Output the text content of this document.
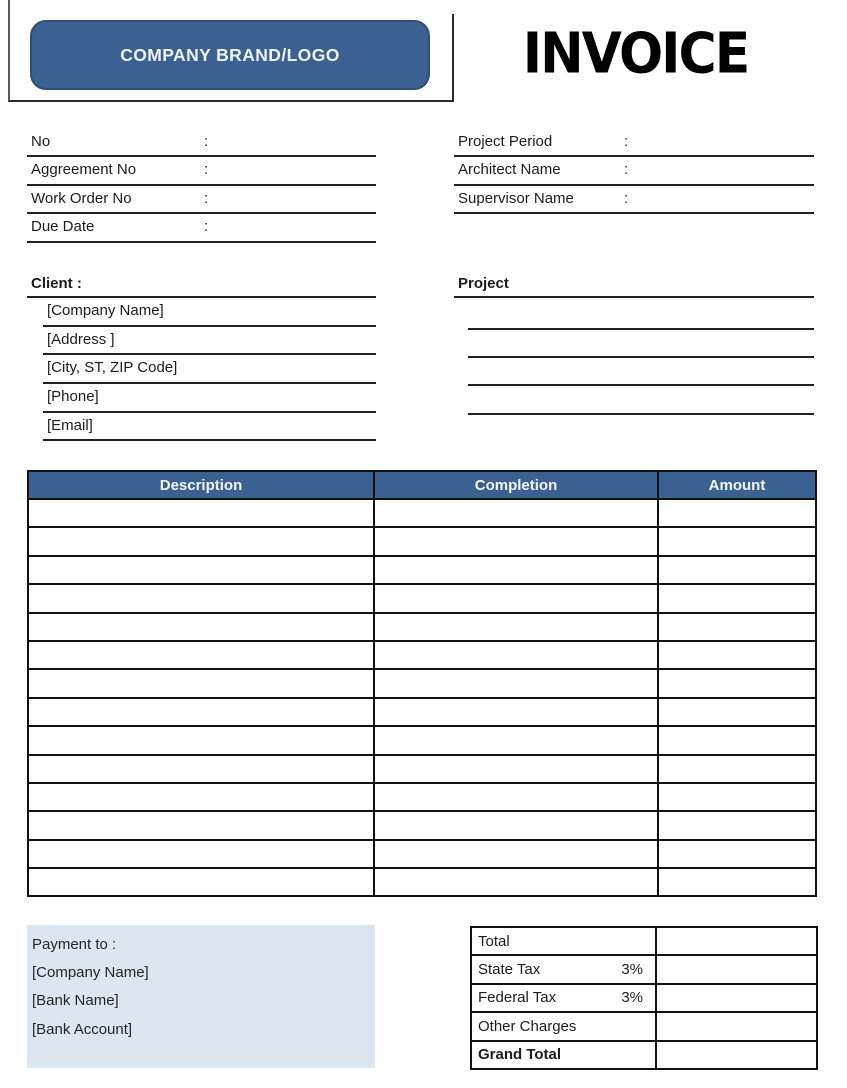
COMPANY BRAND/LOGO	INVOICE
No	:
Aggreement No	:
Work Order No	:
Due Date	:
Project Period	:
Architect Name	:
Supervisor Name	:
Client :
[Company Name]
[Address ]
[City, ST, ZIP Code]
[Phone]
[Email]
Project
Description	Completion	Amount

Payment to :
[Company Name]
[Bank Name]
[Bank Account]
Total	

State Tax 3%	

Federal Tax 3%	

Other Charges	

Grand Total	
